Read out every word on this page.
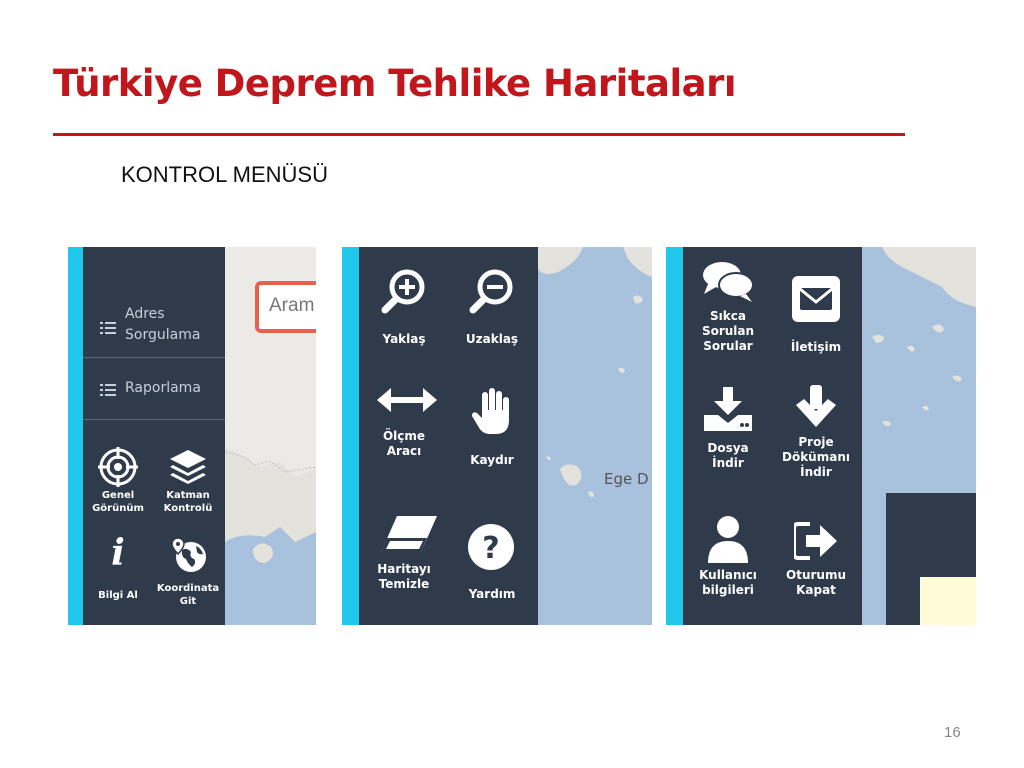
Türkiye Deprem Tehlike Haritaları
KONTROL MENÜSÜ
16
Aram
Adres
Sorgulama
Raporlama
Genel
Görünüm
Katman
Kontrolü
i
Bilgi Al
Koordinata
Git
Ege D
Yaklaş	Uzaklaş
Ölçme
Aracı
Kaydır
Haritayı
Temizle
?
Yardım
Sıkca
Sorulan
Sorular	İletişim
Dosya
İndir
Proje
Dökümanı
İndir
Kullanıcı
bilgileri
Oturumu
Kapat
